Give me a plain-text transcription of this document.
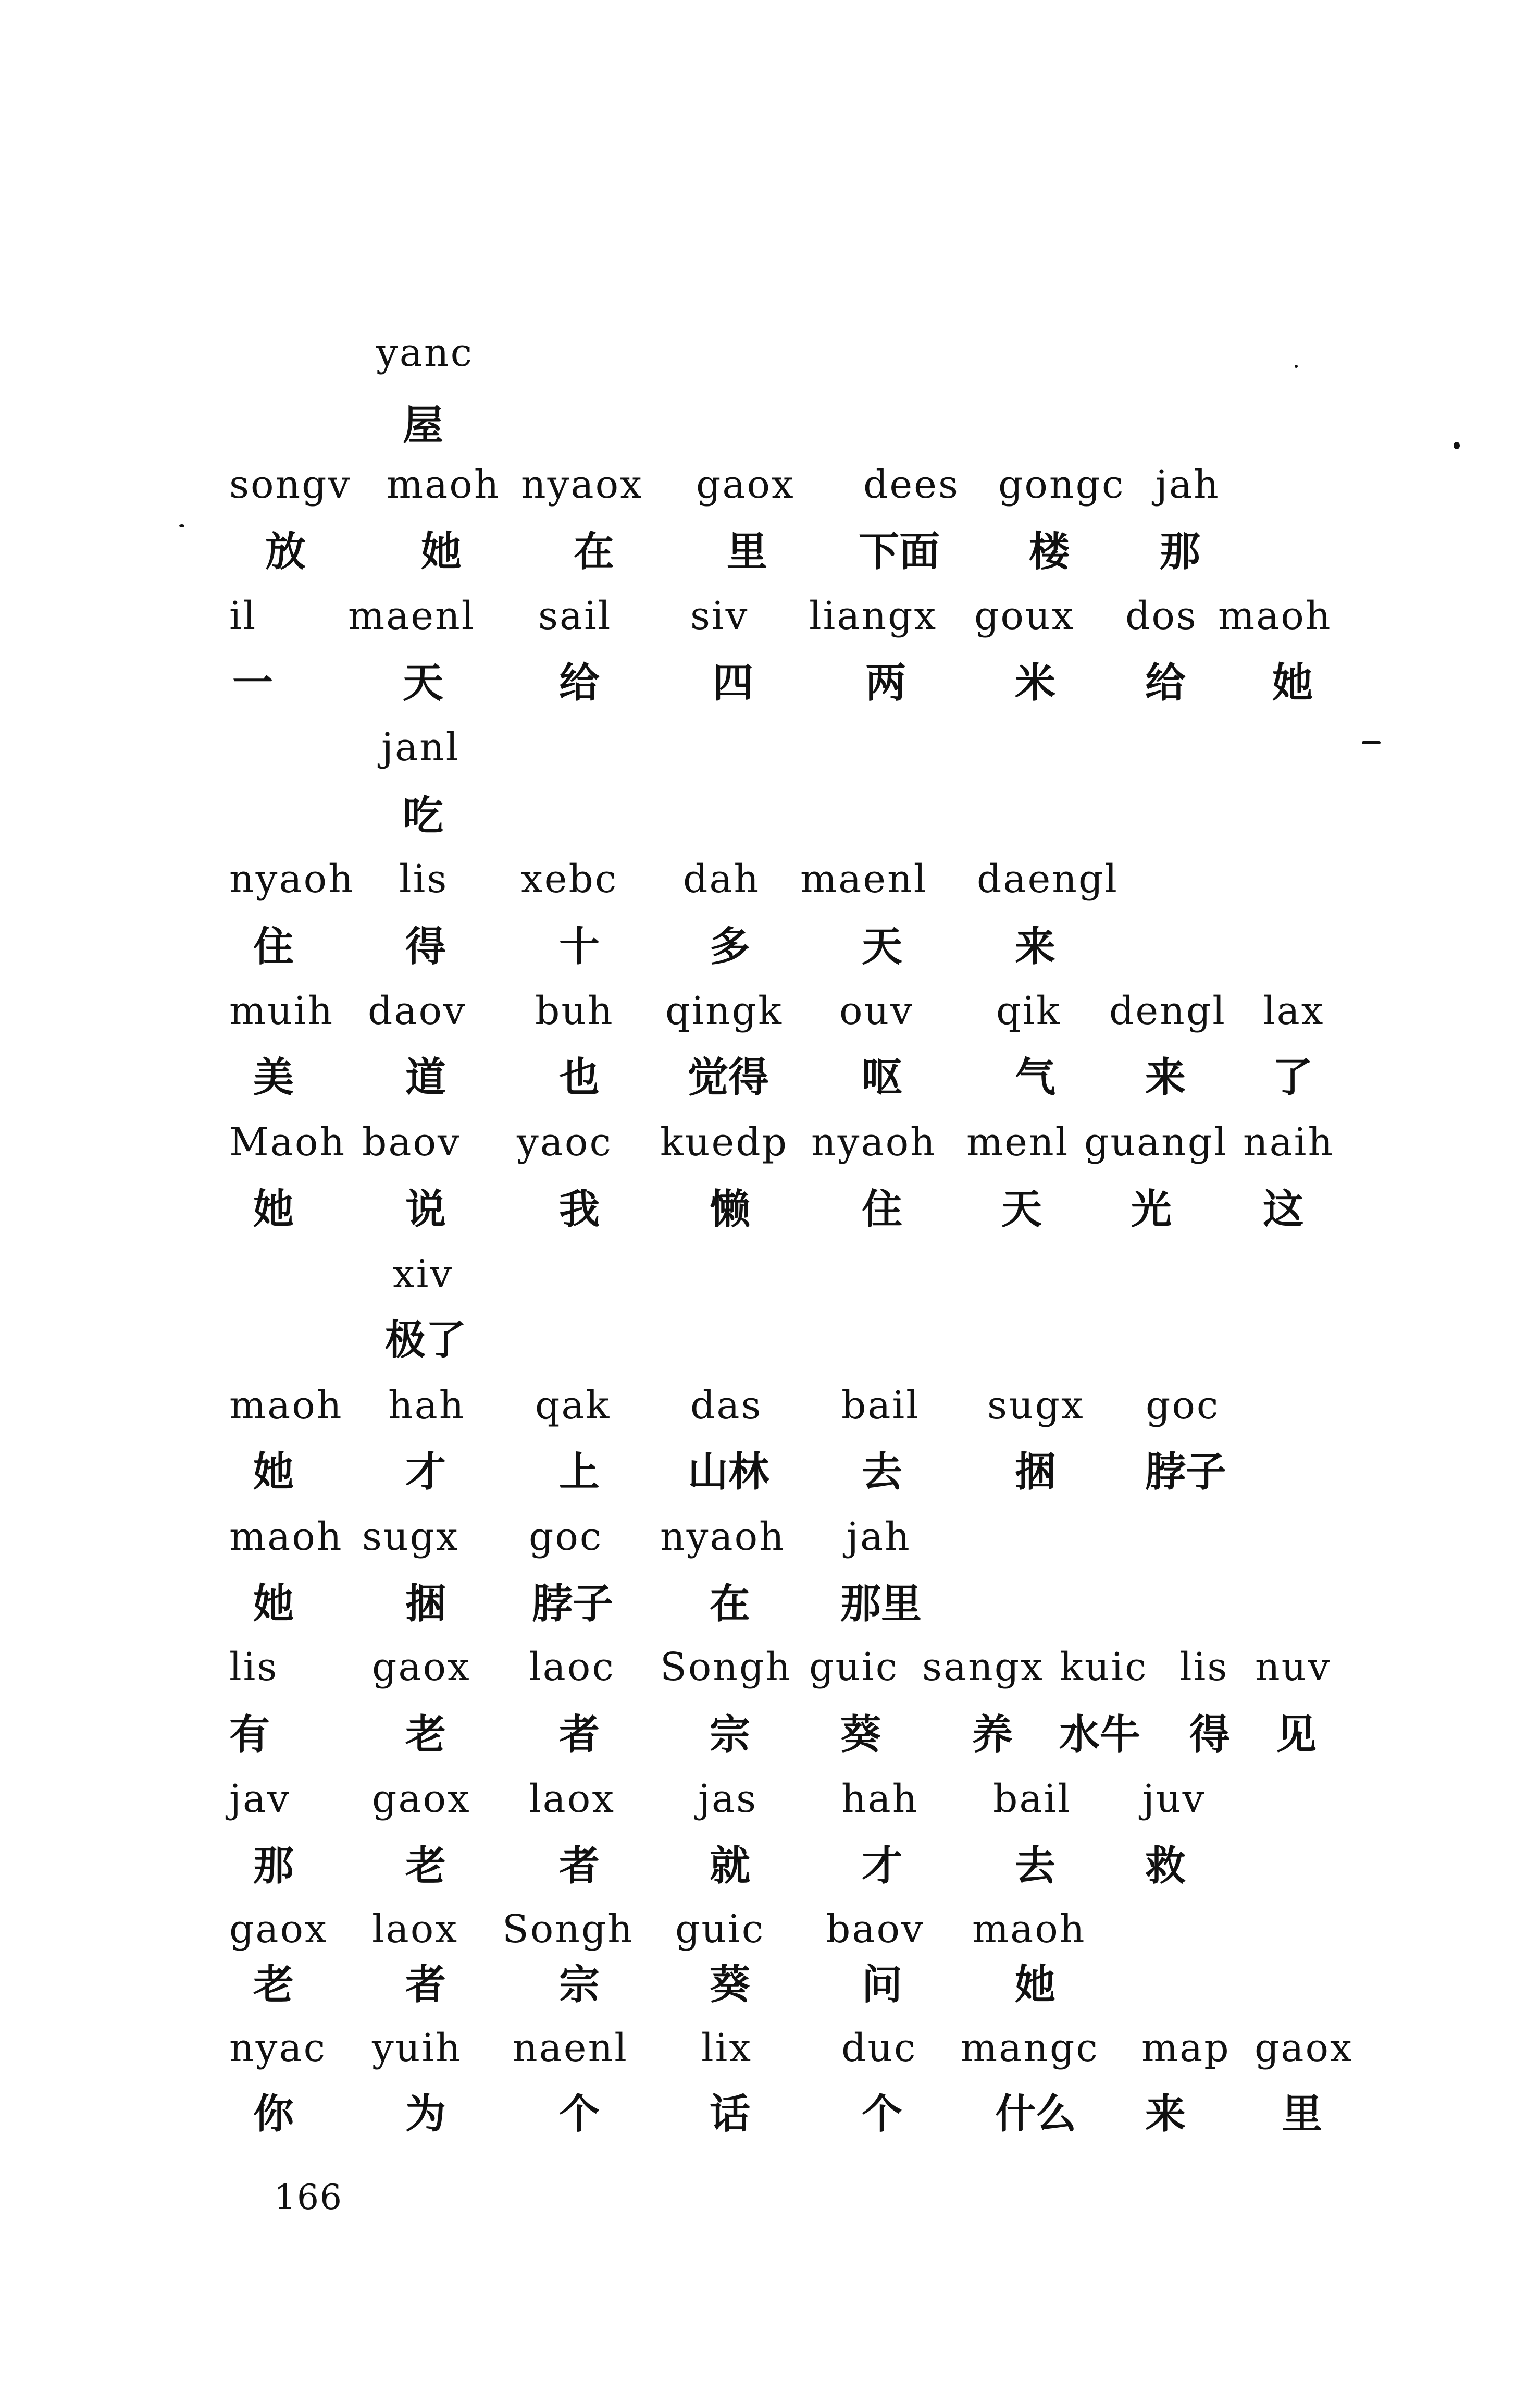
yanc
屋
songv maoh nyaox gaox dees gongc jah
放	她	在	里 下面 楼 那
il maenl sail siv liangx goux dos maoh
一	天	给	四	两	米 给 她
janl
吃
nyaoh lis xebc dah maenl daengl
住	得	十	多	天	来
muih daov buh qingk ouv qik dengl lax
美	道	也 觉得 呕	气 来 了
Maoh baov yaoc kuedp nyaoh menl guangl naih
她	说	我	懒	住 天 光 这
xiv
极了
maoh hah qak das bail sugx goc
她	才	上 山林 去	捆 脖子
maoh sugx goc nyaoh jah
她	捆 脖子 在 那里
lis gaox laoc Songh guic sangx kuic lis nuv
有	老	者	宗 葵 养 水牛 得 见
jav gaox laox jas hah bail juv
那	老	者	就	才	去 救
gaox laox Songh guic baov maoh
老	者	宗	葵	问	她
nyac yuih naenl lix duc mangc map gaox
你	为	个	话	个 什么 来 里
166
